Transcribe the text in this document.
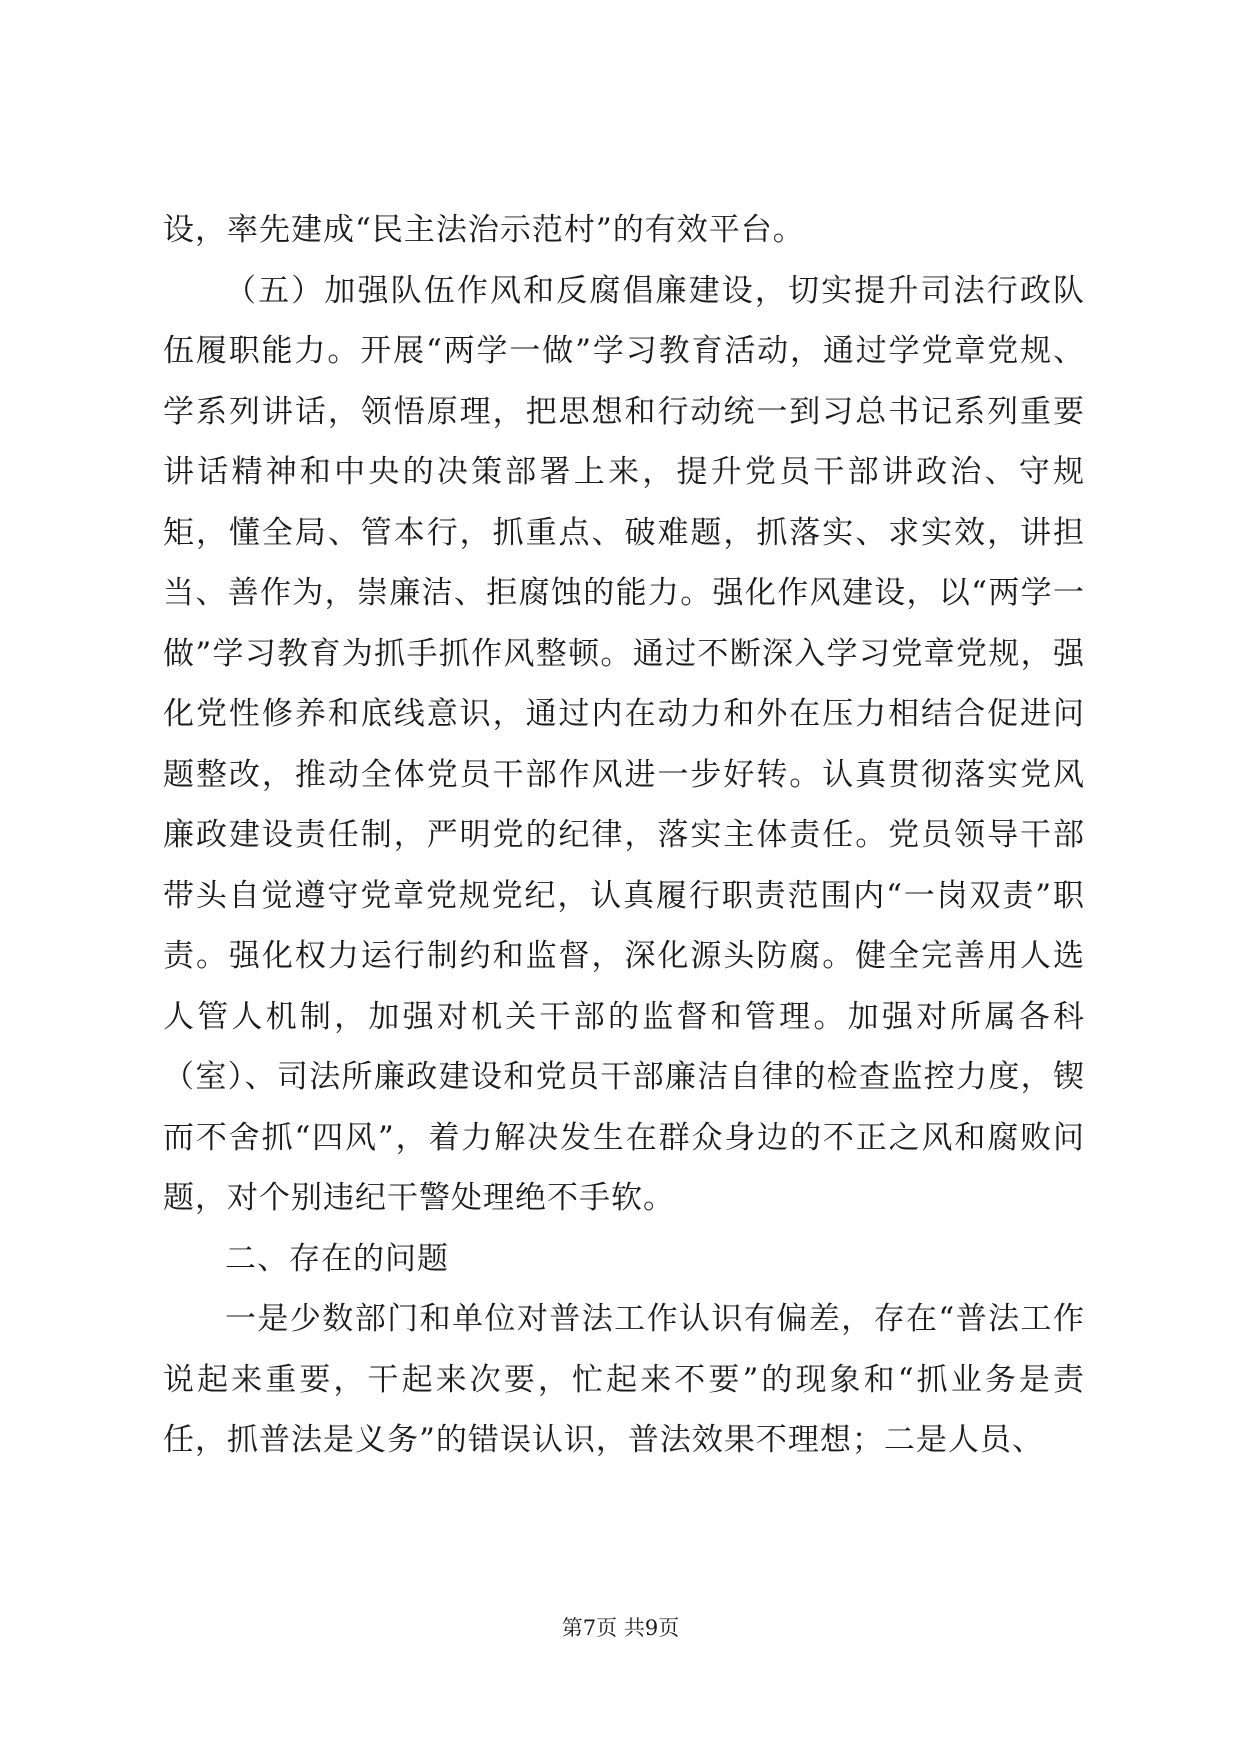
设，率先建成“民主法治示范村”的有效平台。

（五）加强队伍作风和反腐倡廉建设，切实提升司法行政队伍履职能力。开展“两学一做”学习教育活动，通过学党章党规、学系列讲话，领悟原理，把思想和行动统一到习总书记系列重要讲话精神和中央的决策部署上来，提升党员干部讲政治、守规矩，懂全局、管本行，抓重点、破难题，抓落实、求实效，讲担当、善作为，崇廉洁、拒腐蚀的能力。强化作风建设，以“两学一做”学习教育为抓手抓作风整顿。通过不断深入学习党章党规，强化党性修养和底线意识，通过内在动力和外在压力相结合促进问题整改，推动全体党员干部作风进一步好转。认真贯彻落实党风廉政建设责任制，严明党的纪律，落实主体责任。党员领导干部带头自觉遵守党章党规党纪，认真履行职责范围内“一岗双责”职责。强化权力运行制约和监督，深化源头防腐。健全完善用人选人管人机制，加强对机关干部的监督和管理。加强对所属各科（室）、司法所廉政建设和党员干部廉洁自律的检查监控力度，锲而不舍抓“四风”，着力解决发生在群众身边的不正之风和腐败问题，对个别违纪干警处理绝不手软。

二、存在的问题

一是少数部门和单位对普法工作认识有偏差，存在“普法工作说起来重要，干起来次要，忙起来不要”的现象和“抓业务是责任，抓普法是义务”的错误认识，普法效果不理想；二是人员、

第7页 共9页
